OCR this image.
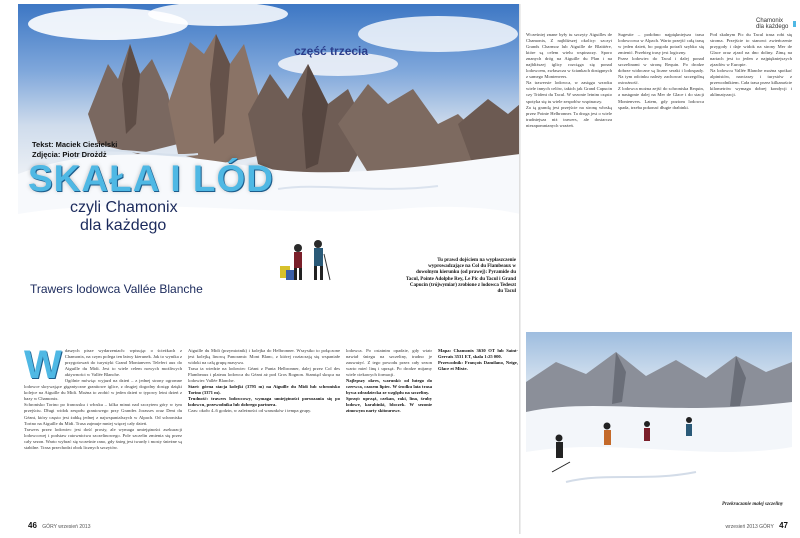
część trzecia
Tekst: Maciek Ciesielski
Zdjęcia: Piotr Drożdż
SKAŁA I LÓD
czyli Chamonix
dla każdego
Trawers lodowca Vallée Blanche
Tu prawd dojściem na wypłaszczenie wyprowadzające na Col du Flambeaux w dowolnym kierunku (od prawej): Pyramide du Tacul, Pointe Adolphe Rey, Le Pic du Tacul i Grand Capucin (trójwymiar) zrobione z lodowca Tedeszt du Tacul
W daszych pisze wydarzeniach: wpisując o ścieżkach z Chamonix, na czym polega ten łatwy kierunek. Jak to wynika z przygotowań do turystyki Grand Montanvers Teleferi aux do Aiguille du Midi. Jest to wiele celem nowych możliwych aktywności w Vallée Blanche.

Ogólnie mówiąc wyjazd na dzień – z jednej strony ogromne lodowce skrywające gigantyczne granitowe iglice, z drugiej dogodny dostęp dzięki kolejce na Aiguille du Midi. Można to zrobić w jeden dzień w typowy letni dzień z bazy w Chamonix.

Schronisko Torino po francusku i włosku – kilka minut nad szczytem góry w tym przejściu. Długi widok zespołu graniowego przy Grandes Jorasses oraz Dent du Géant, który często jest żabką jednej z najwspanialszych w Alpach. Od schroniska Torino na Aiguille du Midi. Trasa zajmuje mniej więcej cały dzień.

Trawers przez lodowiec jest dość prosty, ale wymaga umiejętności asekuracji lodowcowej i podstaw ratownictwa szczelinowego. Pole szczelin zmienia się przez cały sezon. Warto wybrać się wcześnie rano, gdy śnieg jest twardy i mosty śnieżne są stabilne. Trasa przechodzi obok licznych szczytów.

Aiguille du Midi (przymiotnik) i kolejka do Helbronner. Wszystko to połączone jest kolejką linową Panoramic Mont Blanc, z której roztaczają się wspaniałe widoki na całą grupę masywu.

Trasa ta wiedzie na lodowiec Géant z Punta Helbronner, dalej przez Col des Flambeaux i plateau lodowca du Géant aż pod Gros Rognon. Stamtąd skręca na lodowiec Vallée Blanche.

Start: górna stacja kolejki (3795 m) na Aiguille du Midi lub schronisko Torino (3371 m).

Trudność: trawers lodowcowy, wymaga umiejętności poruszania się po lodowcu, przewodnika lub dobrego partnera.

Czas: około 4–6 godzin, w zależności od warunków i tempa grupy.

lodowca. Po ostatnim opadzie, gdy wiatr nawiał śniegu na szczeliny, trudno je zauważyć. Z tego powodu przez cały sezon warto mieć linę i uprząż. Po drodze mijamy wiele ciekawych formacji.

Najlepszy okres, warunki: od lutego do czerwca, czasem lipiec. W środku lata trasa bywa zdradziecka ze względu na szczeliny.

Sprzęt: uprząż, czekan, raki, lina, śruby lodowe, karabinki, bloczek. W sezonie zimowym narty skitourowe.

Mapa: Chamonix 3630 OT lub Saint-Gervais 3531 ET, skala 1:25 000.

Przewodnik: François Damilano, Neige, Glace et Mixte.

46 GÓRY wrzesień 2013
Chamonix dla każdego

Wcześniej znane były tu szczyty Aiguilles de Chamonix, Z najbliższej okolicy: szczyt Grands Charmoz lub Aiguille de Blaitière, które są celem wielu wspinaczy. Sporo znanych dróg na Aiguille du Plan i na najbliższej iglicy rozciąga się ponad lodowcem, zwłaszcza w ściankach dostępnych z samego Montenvers.

Na trawersie lodowca, w zasięgu wzroku wiele innych celów, takich jak Grand Capucin czy Trident du Tacul. W sezonie letnim często spotyka się tu wiele zespołów wspinaczy.

Za tą grandą jest przejście na stronę włoską przez Pointe Helbronner. Ta droga jest o wiele trudniejsza niż trawers, ale dostarcza niezapomnianych wrażeń.

Sugestie – podobno najpiękniejsza trasa lodowcowa w Alpach. Warto przejść całą trasę w jeden dzień, bo pogoda potrafi szybko się zmienić. Przebieg trasy jest logiczny.

Przez lodowiec do Tacul i dalej ponad szczelinami w stronę Requin. Po drodze dobrze widoczne są liczne seraki i lodospady. Na tym odcinku należy zachować szczególną ostrożność.

Z lodowca można zejść do schroniska Requin, a następnie dalej na Mer de Glace i do stacji Montenvers. Latem, gdy poziom lodowca spada, trzeba pokonać długie drabinki.

Pod skalnym Pic du Tacul trasa robi się stroma. Przejście to stanowi zwieńczenie przygody i daje widok na strony Mer de Glace oraz zjazd na dno doliny. Zimą na nartach jest to jeden z najpiękniejszych zjazdów w Europie.

Na lodowcu Vallée Blanche można spotkać alpinistów, narciarzy i turystów z przewodnikiem. Cała trasa przez kilkanaście kilometrów wymaga dobrej kondycji i aklimatyzacji.

Przekraczanie małej szczeliny
wrzesień 2013 GÓRY 47
